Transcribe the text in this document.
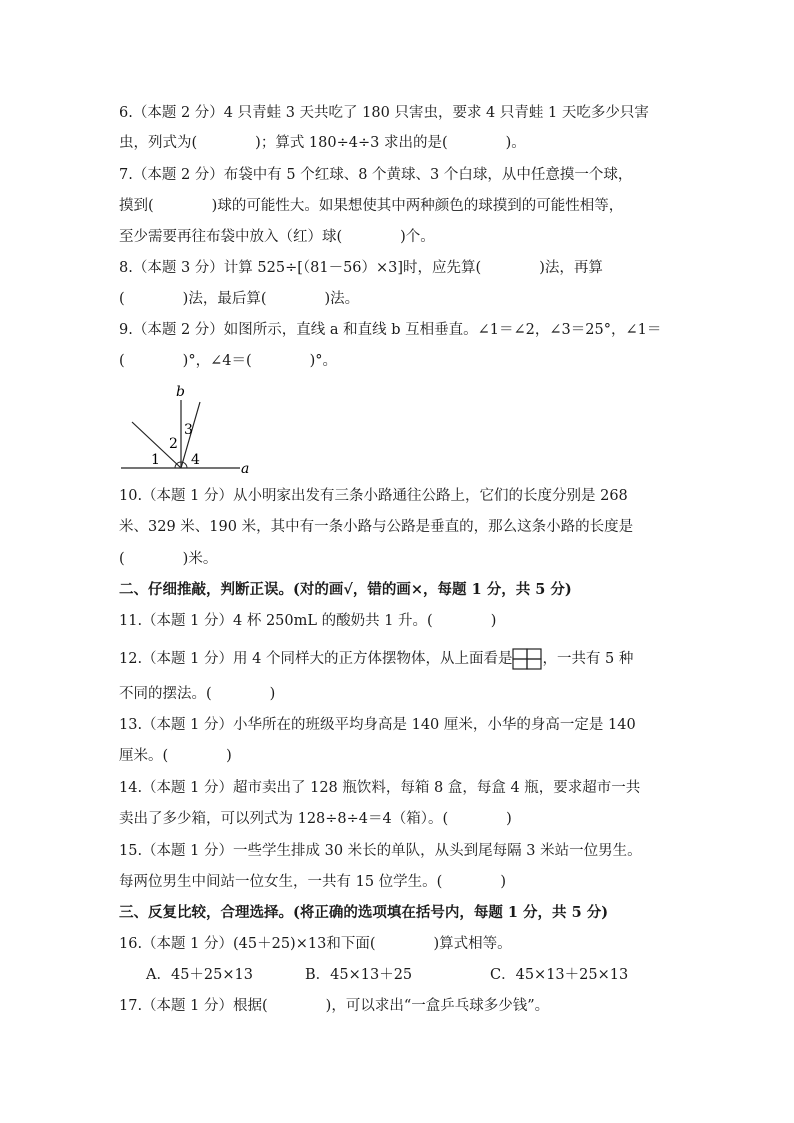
6.（本题 2 分）4 只青蛙 3 天共吃了 180 只害虫，要求 4 只青蛙 1 天吃多少只害
虫，列式为(　　　　)；算式 180÷4÷3 求出的是(　　　　)。
7.（本题 2 分）布袋中有 5 个红球、8 个黄球、3 个白球，从中任意摸一个球，
摸到(　　　　)球的可能性大。如果想使其中两种颜色的球摸到的可能性相等，
至少需要再往布袋中放入（红）球(　　　　)个。
8.（本题 3 分）计算 525÷[（81－56）×3]时，应先算(　　　　)法，再算
(　　　　)法，最后算(　　　　)法。
9.（本题 2 分）如图所示，直线 a 和直线 b 互相垂直。∠1＝∠2，∠3＝25°，∠1＝
(　　　　)°，∠4＝(　　　　)°。
b
a
1
2
3
4
10.（本题 1 分）从小明家出发有三条小路通往公路上，它们的长度分别是 268
米、329 米、190 米，其中有一条小路与公路是垂直的，那么这条小路的长度是
(　　　　)米。
二、仔细推敲，判断正误。(对的画√，错的画×，每题 1 分，共 5 分)
11.（本题 1 分）4 杯 250mL 的酸奶共 1 升。(　　　　)
12.（本题 1 分）用 4 个同样大的正方体摆物体，从上面看是 ，一共有 5 种
不同的摆法。(　　　　)
13.（本题 1 分）小华所在的班级平均身高是 140 厘米，小华的身高一定是 140
厘米。(　　　　)
14.（本题 1 分）超市卖出了 128 瓶饮料，每箱 8 盒，每盒 4 瓶，要求超市一共
卖出了多少箱，可以列式为 128÷8÷4＝4（箱）。(　　　　)
15.（本题 1 分）一些学生排成 30 米长的单队，从头到尾每隔 3 米站一位男生。
每两位男生中间站一位女生，一共有 15 位学生。(　　　　)
三、反复比较，合理选择。(将正确的选项填在括号内，每题 1 分，共 5 分)
16.（本题 1 分）(45＋25)×13和下面(　　　　)算式相等。
A．45＋25×13	B．45×13＋25	C．45×13＋25×13
17.（本题 1 分）根据(　　　　)，可以求出“一盒乒乓球多少钱”。
